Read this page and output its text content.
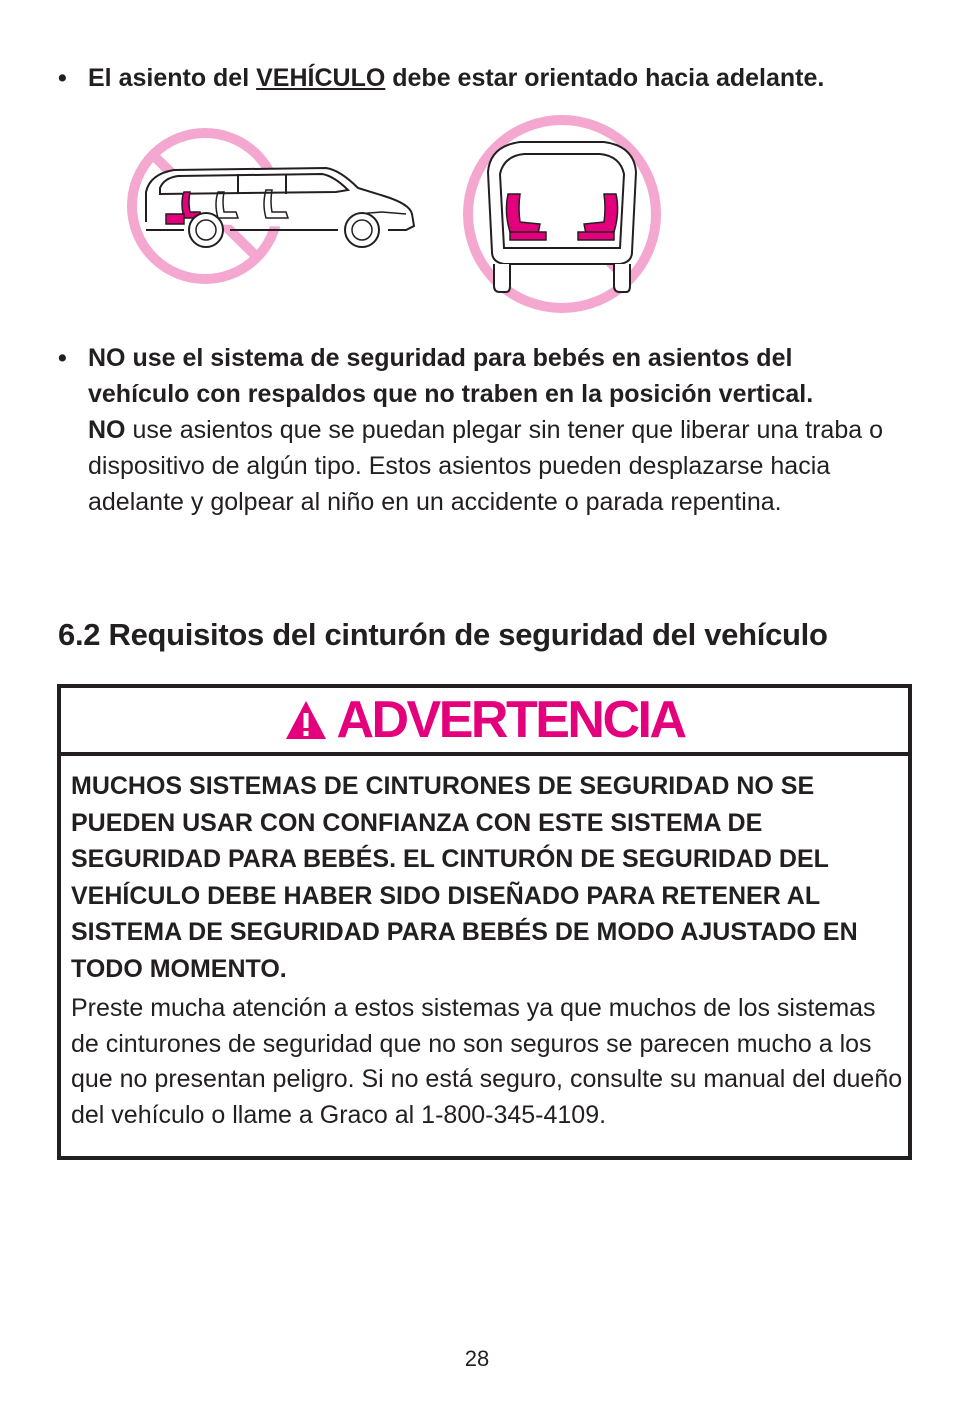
• El asiento del VEHÍCULO debe estar orientado hacia adelante.
• NO use el sistema de seguridad para bebés en asientos del
vehículo con respaldos que no traben en la posición vertical.
NO use asientos que se puedan plegar sin tener que liberar una traba o dispositivo de algún tipo. Estos asientos pueden desplazarse hacia adelante y golpear al niño en un accidente o parada repentina.
6.2 Requisitos del cinturón de seguridad del vehículo
ADVERTENCIA
MUCHOS SISTEMAS DE CINTURONES DE SEGURIDAD NO SE PUEDEN USAR CON CONFIANZA CON ESTE SISTEMA DE SEGURIDAD PARA BEBÉS. EL CINTURÓN DE SEGURIDAD DEL VEHÍCULO DEBE HABER SIDO DISEÑADO PARA RETENER AL SISTEMA DE SEGURIDAD PARA BEBÉS DE MODO AJUSTADO EN TODO MOMENTO.
Preste mucha atención a estos sistemas ya que muchos de los sistemas de cinturones de seguridad que no son seguros se parecen mucho a los que no presentan peligro. Si no está seguro, consulte su manual del dueño del vehículo o llame a Graco al 1-800-345-4109.
28
